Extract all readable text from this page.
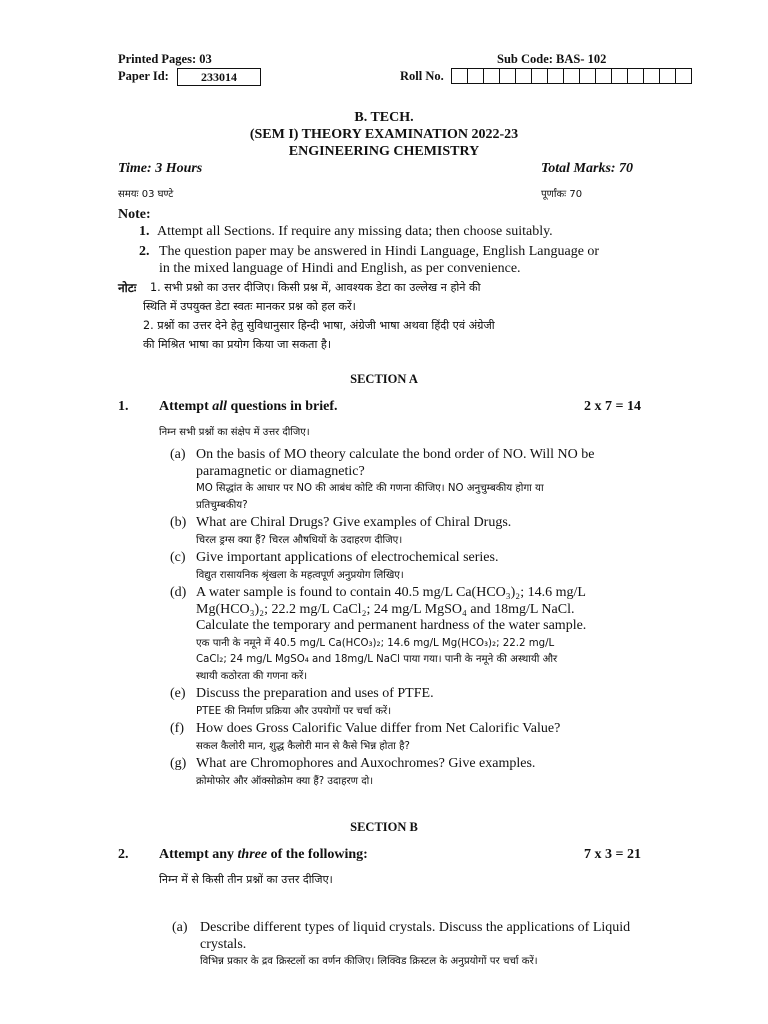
Printed Pages: 03	Sub Code: BAS- 102
Paper Id:	233014	Roll No.
B. TECH.
(SEM I) THEORY EXAMINATION 2022-23
ENGINEERING CHEMISTRY
Time: 3 Hours	Total Marks: 70
समयः 03 घण्टे	पूर्णांकः 70
Note:
1. Attempt all Sections. If require any missing data; then choose suitably.
2. The question paper may be answered in Hindi Language, English Language or
in the mixed language of Hindi and English, as per convenience.
नोटः 1. सभी प्रश्नो का उत्तर दीजिए। किसी प्रश्न में, आवश्यक डेटा का उल्लेख न होने की
स्थिति में उपयुक्त डेटा स्वतः मानकर प्रश्न को हल करें।
2. प्रश्नों का उत्तर देने हेतु सुविधानुसार हिन्दी भाषा, अंग्रेजी भाषा अथवा हिंदी एवं अंग्रेजी
की मिश्रित भाषा का प्रयोग किया जा सकता है।
SECTION A
1. Attempt all questions in brief.	2 x 7 = 14
निम्न सभी प्रश्नों का संक्षेप में उत्तर दीजिए।
(a) On the basis of MO theory calculate the bond order of NO. Will NO be
paramagnetic or diamagnetic?
MO सिद्धांत के आधार पर NO की आबंध कोटि की गणना कीजिए। NO अनुचुम्बकीय होगा या
प्रतिचुम्बकीय?
(b) What are Chiral Drugs? Give examples of Chiral Drugs.
चिरल ड्रग्स क्या हैं? चिरल औषधियों के उदाहरण दीजिए।
(c) Give important applications of electrochemical series.
विद्युत रासायनिक श्रृंखला के महत्वपूर्ण अनुप्रयोग लिखिए।
(d) A water sample is found to contain 40.5 mg/L Ca(HCO₃)₂; 14.6 mg/L
Mg(HCO₃)₂; 22.2 mg/L CaCl₂; 24 mg/L MgSO₄ and 18mg/L NaCl.
Calculate the temporary and permanent hardness of the water sample.
एक पानी के नमूने में 40.5 mg/L Ca(HCO₃)₂; 14.6 mg/L Mg(HCO₃)₂; 22.2 mg/L
CaCl₂; 24 mg/L MgSO₄ and 18mg/L NaCl पाया गया। पानी के नमूने की अस्थायी और
स्थायी कठोरता की गणना करें।
(e) Discuss the preparation and uses of PTFE.
PTEE की निर्माण प्रक्रिया और उपयोगों पर चर्चा करें।
(f) How does Gross Calorific Value differ from Net Calorific Value?
सकल कैलोरी मान, शुद्ध कैलोरी मान से कैसे भिन्न होता है?
(g) What are Chromophores and Auxochromes? Give examples.
क्रोमोफोर और ऑक्सोक्रोम क्या हैं? उदाहरण दो।
SECTION B
2. Attempt any three of the following:	7 x 3 = 21
निम्न में से किसी तीन प्रश्नों का उत्तर दीजिए।
(a) Describe different types of liquid crystals. Discuss the applications of Liquid
crystals.
विभिन्न प्रकार के द्रव क्रिस्टलों का वर्णन कीजिए। लिक्विड क्रिस्टल के अनुप्रयोगों पर चर्चा करें।
